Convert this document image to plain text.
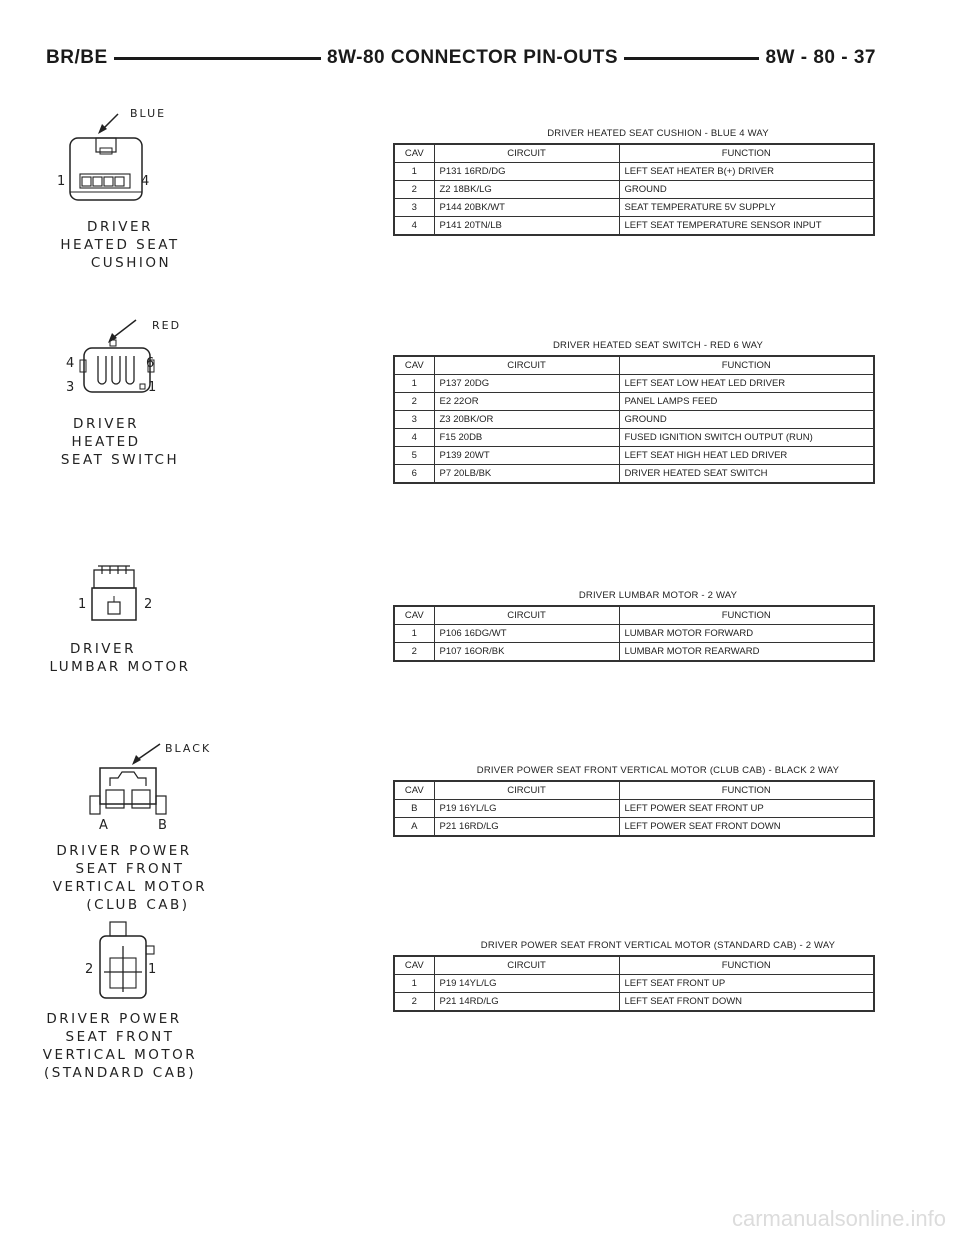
BR/BE	8W-80 CONNECTOR PIN-OUTS	8W - 80 - 37
BLUE
1	4
DRIVER
HEATED SEAT
CUSHION
DRIVER HEATED SEAT CUSHION - BLUE 4 WAY
CAV	CIRCUIT	FUNCTION
1	P131 16RD/DG	LEFT SEAT HEATER B(+) DRIVER
2	Z2 18BK/LG	GROUND
3	P144 20BK/WT	SEAT TEMPERATURE 5V SUPPLY
4	P141 20TN/LB	LEFT SEAT TEMPERATURE SENSOR INPUT
RED
4	6
3	1
DRIVER HEATED
SEAT SWITCH
DRIVER HEATED SEAT SWITCH - RED 6 WAY
CAV	CIRCUIT	FUNCTION
1	P137 20DG	LEFT SEAT LOW HEAT LED DRIVER
2	E2 22OR	PANEL LAMPS FEED
3	Z3 20BK/OR	GROUND
4	F15 20DB	FUSED IGNITION SWITCH OUTPUT (RUN)
5	P139 20WT	LEFT SEAT HIGH HEAT LED DRIVER
6	P7 20LB/BK	DRIVER HEATED SEAT SWITCH
1	2
DRIVER
LUMBAR MOTOR
DRIVER LUMBAR MOTOR - 2 WAY
CAV	CIRCUIT	FUNCTION
1	P106 16DG/WT	LUMBAR MOTOR FORWARD
2	P107 16OR/BK	LUMBAR MOTOR REARWARD
BLACK
A	B
DRIVER POWER
SEAT FRONT
VERTICAL MOTOR
(CLUB CAB)
DRIVER POWER SEAT FRONT VERTICAL MOTOR (CLUB CAB) - BLACK 2 WAY
CAV	CIRCUIT	FUNCTION
B	P19 16YL/LG	LEFT POWER SEAT FRONT UP
A	P21 16RD/LG	LEFT POWER SEAT FRONT DOWN
2	1
DRIVER POWER
SEAT FRONT
VERTICAL MOTOR
(STANDARD CAB)
DRIVER POWER SEAT FRONT VERTICAL MOTOR (STANDARD CAB) - 2 WAY
CAV	CIRCUIT	FUNCTION
1	P19 14YL/LG	LEFT SEAT FRONT UP
2	P21 14RD/LG	LEFT SEAT FRONT DOWN
carmanualsonline.info
